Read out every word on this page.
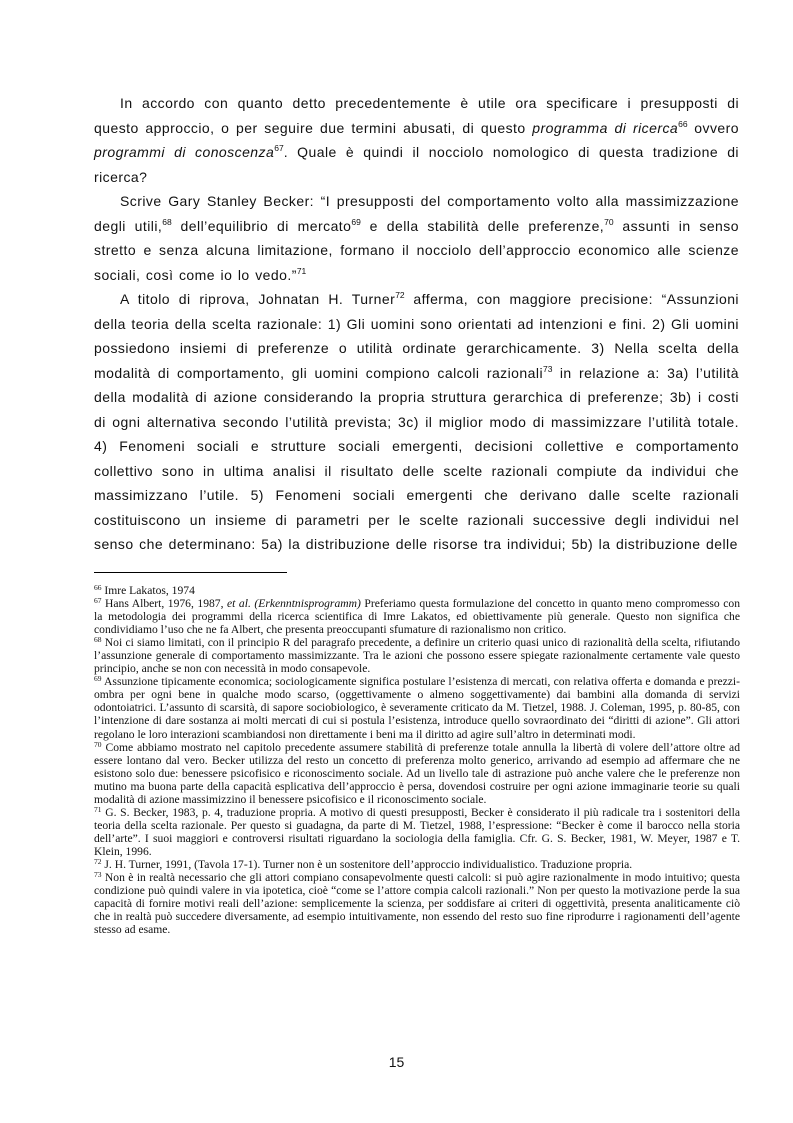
In accordo con quanto detto precedentemente è utile ora specificare i presupposti di questo approccio, o per seguire due termini abusati, di questo programma di ricerca$^{66}$ ovvero programmi di conoscenza$^{67}$. Quale è quindi il nocciolo nomologico di questa tradizione di ricerca?

Scrive Gary Stanley Becker: “I presupposti del comportamento volto alla massimizzazione degli utili,$^{68}$ dell’equilibrio di mercato$^{69}$ e della stabilità delle preferenze,$^{70}$ assunti in senso stretto e senza alcuna limitazione, formano il nocciolo dell’approccio economico alle scienze sociali, così come io lo vedo.”$^{71}$

A titolo di riprova, Johnatan H. Turner$^{72}$ afferma, con maggiore precisione: “Assunzioni della teoria della scelta razionale: 1) Gli uomini sono orientati ad intenzioni e fini. 2) Gli uomini possiedono insiemi di preferenze o utilità ordinate gerarchicamente. 3) Nella scelta della modalità di comportamento, gli uomini compiono calcoli razionali$^{73}$ in relazione a: 3a) l’utilità della modalità di azione considerando la propria struttura gerarchica di preferenze; 3b) i costi di ogni alternativa secondo l’utilità prevista; 3c) il miglior modo di massimizzare l’utilità totale. 4) Fenomeni sociali e strutture sociali emergenti, decisioni collettive e comportamento collettivo sono in ultima analisi il risultato delle scelte razionali compiute da individui che massimizzano l’utile. 5) Fenomeni sociali emergenti che derivano dalle scelte razionali costituiscono un insieme di parametri per le scelte razionali successive degli individui nel senso che determinano: 5a) la distribuzione delle risorse tra individui; 5b) la distribuzione delle

$^{66}$ Imre Lakatos, 1974
$^{67}$ Hans Albert, 1976, 1987, et al. (Erkenntnisprogramm) Preferiamo questa formulazione del concetto in quanto meno compromesso con la metodologia dei programmi della ricerca scientifica di Imre Lakatos, ed obiettivamente più generale. Questo non significa che condividiamo l’uso che ne fa Albert, che presenta preoccupanti sfumature di razionalismo non critico.
$^{68}$ Noi ci siamo limitati, con il principio R del paragrafo precedente, a definire un criterio quasi unico di razionalità della scelta, rifiutando l’assunzione generale di comportamento massimizzante. Tra le azioni che possono essere spiegate razionalmente certamente vale questo principio, anche se non con necessità in modo consapevole.
$^{69}$ Assunzione tipicamente economica; sociologicamente significa postulare l’esistenza di mercati, con relativa offerta e domanda e prezzi-ombra per ogni bene in qualche modo scarso, (oggettivamente o almeno soggettivamente) dai bambini alla domanda di servizi odontoiatrici. L’assunto di scarsità, di sapore sociobiologico, è severamente criticato da M. Tietzel, 1988. J. Coleman, 1995, p. 80-85, con l’intenzione di dare sostanza ai molti mercati di cui si postula l’esistenza, introduce quello sovraordinato dei “diritti di azione”. Gli attori regolano le loro interazioni scambiandosi non direttamente i beni ma il diritto ad agire sull’altro in determinati modi.
$^{70}$ Come abbiamo mostrato nel capitolo precedente assumere stabilità di preferenze totale annulla la libertà di volere dell’attore oltre ad essere lontano dal vero. Becker utilizza del resto un concetto di preferenza molto generico, arrivando ad esempio ad affermare che ne esistono solo due: benessere psicofisico e riconoscimento sociale. Ad un livello tale di astrazione può anche valere che le preferenze non mutino ma buona parte della capacità esplicativa dell’approccio è persa, dovendosi costruire per ogni azione immaginarie teorie su quali modalità di azione massimizzino il benessere psicofisico e il riconoscimento sociale.
$^{71}$ G. S. Becker, 1983, p. 4, traduzione propria. A motivo di questi presupposti, Becker è considerato il più radicale tra i sostenitori della teoria della scelta razionale. Per questo si guadagna, da parte di M. Tietzel, 1988, l’espressione: “Becker è come il barocco nella storia dell’arte”. I suoi maggiori e controversi risultati riguardano la sociologia della famiglia. Cfr. G. S. Becker, 1981, W. Meyer, 1987 e T. Klein, 1996.
$^{72}$ J. H. Turner, 1991, (Tavola 17-1). Turner non è un sostenitore dell’approccio individualistico. Traduzione propria.
$^{73}$ Non è in realtà necessario che gli attori compiano consapevolmente questi calcoli: si può agire razionalmente in modo intuitivo; questa condizione può quindi valere in via ipotetica, cioè “come se l’attore compia calcoli razionali.” Non per questo la motivazione perde la sua capacità di fornire motivi reali dell’azione: semplicemente la scienza, per soddisfare ai criteri di oggettività, presenta analiticamente ciò che in realtà può succedere diversamente, ad esempio intuitivamente, non essendo del resto suo fine riprodurre i ragionamenti dell’agente stesso ad esame.
15
